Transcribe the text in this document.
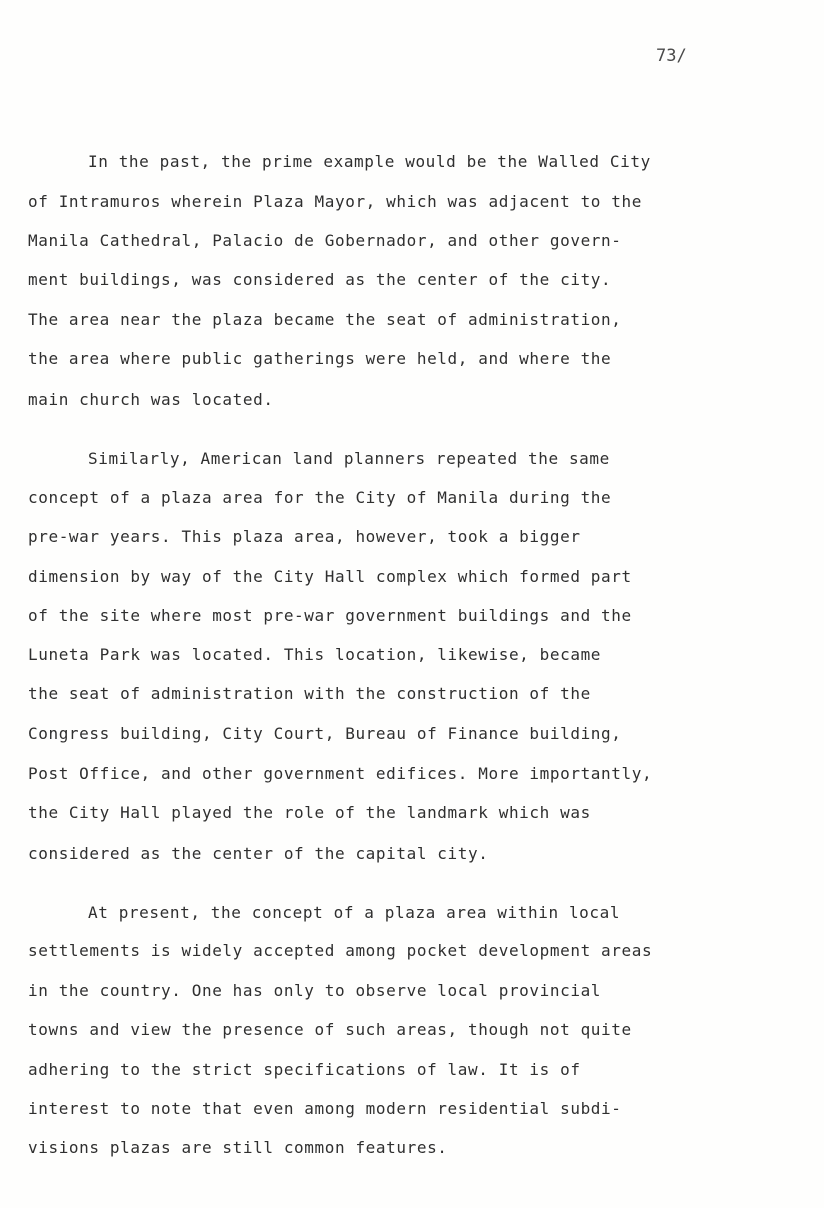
73/
In the past, the prime example would be the Walled City
of Intramuros wherein Plaza Mayor, which was adjacent to the
Manila Cathedral, Palacio de Gobernador, and other govern-
ment buildings, was considered as the center of the city.
The area near the plaza became the seat of administration,
the area where public gatherings were held, and where the
main church was located.
Similarly, American land planners repeated the same
concept of a plaza area for the City of Manila during the
pre-war years. This plaza area, however, took a bigger
dimension by way of the City Hall complex which formed part
of the site where most pre-war government buildings and the
Luneta Park was located. This location, likewise, became
the seat of administration with the construction of the
Congress building, City Court, Bureau of Finance building,
Post Office, and other government edifices. More importantly,
the City Hall played the role of the landmark which was
considered as the center of the capital city.
At present, the concept of a plaza area within local
settlements is widely accepted among pocket development areas
in the country. One has only to observe local provincial
towns and view the presence of such areas, though not quite
adhering to the strict specifications of law. It is of
interest to note that even among modern residential subdi-
visions plazas are still common features.
